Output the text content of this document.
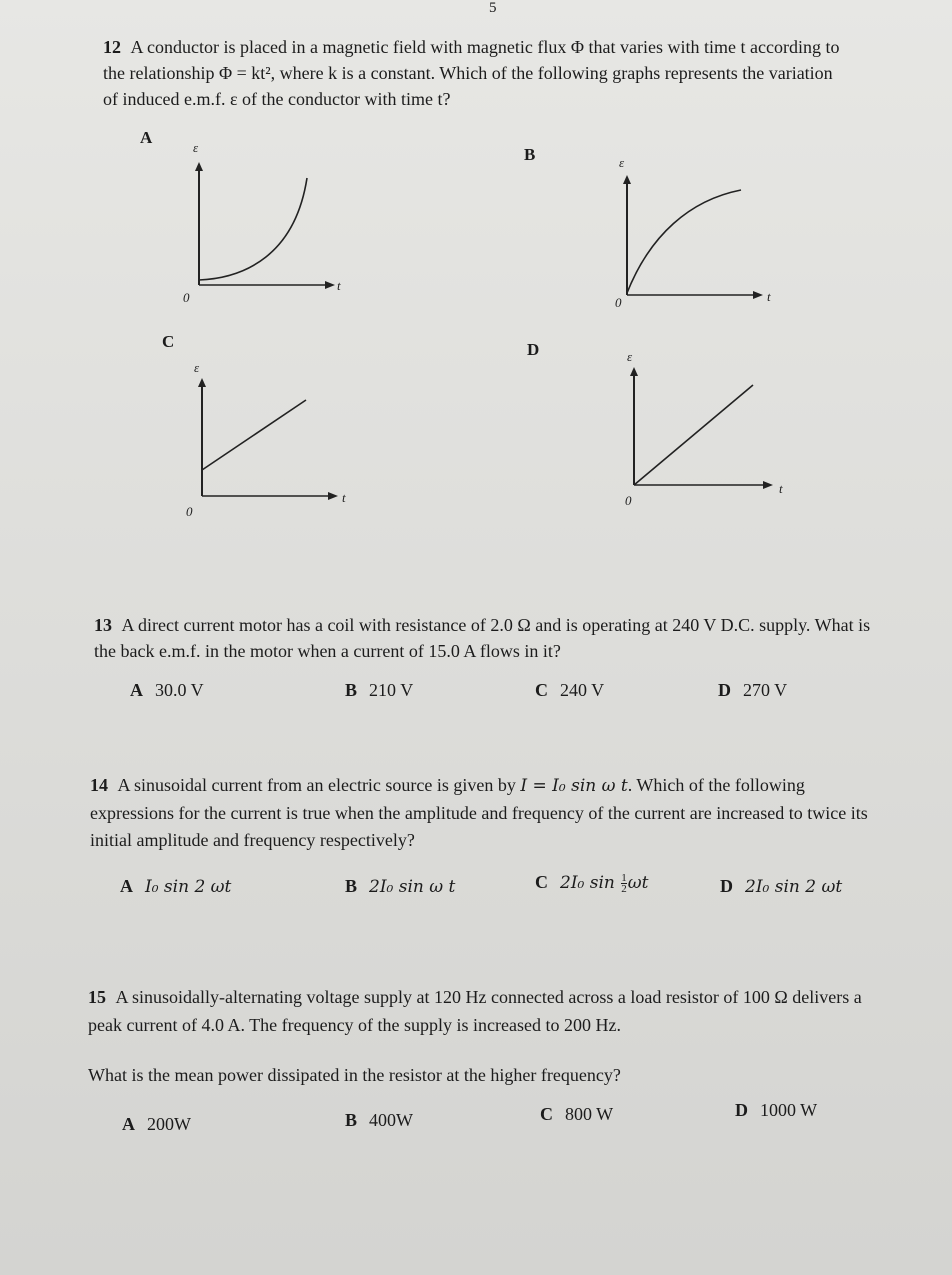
5
12 A conductor is placed in a magnetic field with magnetic flux Φ that varies with time t according to the relationship Φ = kt², where k is a constant. Which of the following graphs represents the variation of induced e.m.f. ε of the conductor with time t?
A
ε
t
0
B	ε
t
0
C
ε
t
0
D	ε
t
0
13 A direct current motor has a coil with resistance of 2.0 Ω and is operating at 240 V D.C. supply. What is the back e.m.f. in the motor when a current of 15.0 A flows in it?
A 30.0 V	B 210 V	C 240 V	D 270 V
14 A sinusoidal current from an electric source is given by I = I₀ sin ω t. Which of the following expressions for the current is true when the amplitude and frequency of the current are increased to twice its initial amplitude and frequency respectively?
A I₀ sin 2 ωt	B 2I₀ sin ω t	C 2I₀ $\sin \frac{1}{2}$ ωt	D 2I₀ sin 2 ωt
15 A sinusoidally-alternating voltage supply at 120 Hz connected across a load resistor of 100 Ω delivers a peak current of 4.0 A. The frequency of the supply is increased to 200 Hz.
What is the mean power dissipated in the resistor at the higher frequency?
A 200W	B 400W	C 800 W	D 1000 W
